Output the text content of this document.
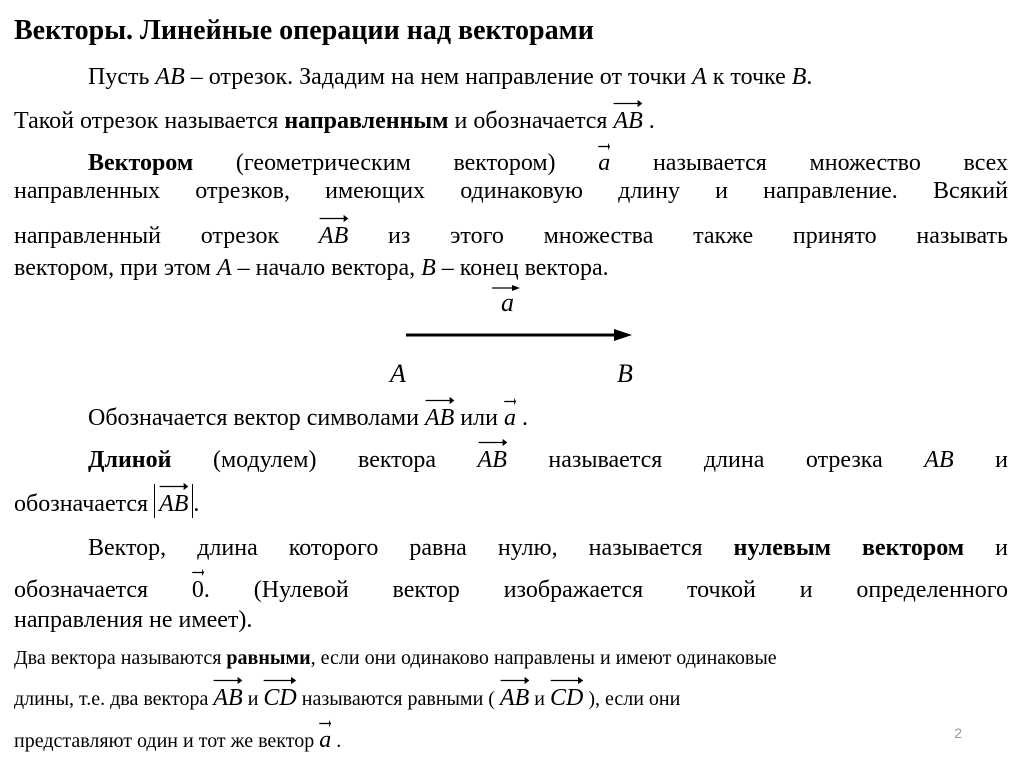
Векторы. Линейные операции над векторами
Пусть AB – отрезок. Зададим на нем направление от точки A к точке B.
Такой отрезок называется направленным и обозначается
AB .
Вектором (геометрическим вектором)
a называется множество всех
направленных отрезков, имеющих одинаковую длину и направление. Всякий
направленный отрезок
AB из этого множества также принято называть
вектором, при этом A – начало вектора, B – конец вектора.
a
A	B
Обозначается вектор символами
AB или
a .
Длиной (модулем) вектора
AB называется длина отрезка AB и
обозначается
AB .
Вектор, длина которого равна нулю, называется нулевым вектором и
обозначается
0. (Нулевой вектор изображается точкой и определенного
направления не имеет).
Два вектора называются равными, если они одинаково направлены и имеют одинаковые
длины, т.е. два вектора
AB и
CD называются равными (
AB и
CD ), если они
представляют один и тот же вектор
a .	2
